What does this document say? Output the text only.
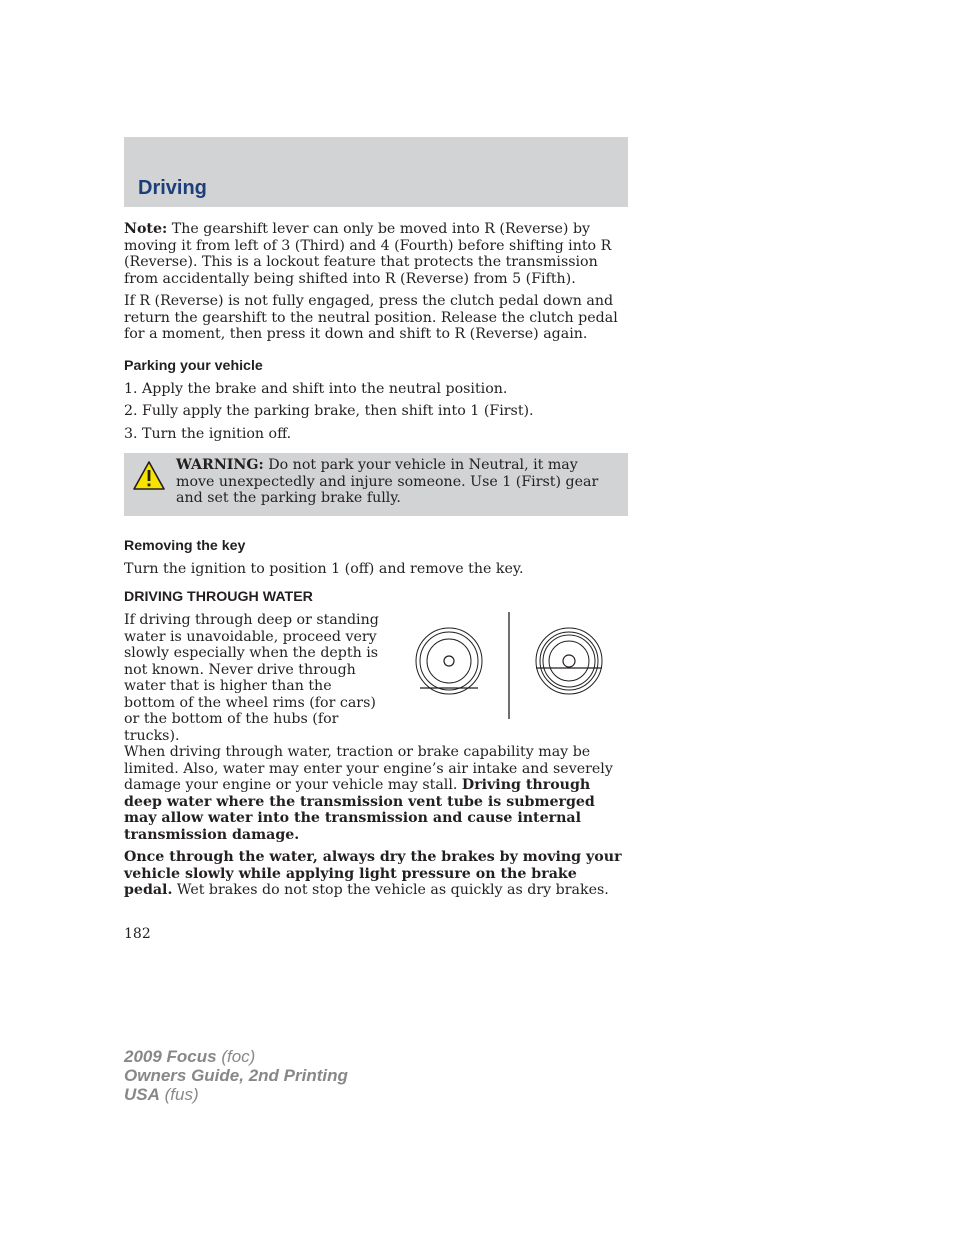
Driving

Note: The gearshift lever can only be moved into R (Reverse) by moving it from left of 3 (Third) and 4 (Fourth) before shifting into R (Reverse). This is a lockout feature that protects the transmission from accidentally being shifted into R (Reverse) from 5 (Fifth).

If R (Reverse) is not fully engaged, press the clutch pedal down and return the gearshift to the neutral position. Release the clutch pedal for a moment, then press it down and shift to R (Reverse) again.

Parking your vehicle
1. Apply the brake and shift into the neutral position.
2. Fully apply the parking brake, then shift into 1 (First).
3. Turn the ignition off.
WARNING: Do not park your vehicle in Neutral, it may move unexpectedly and injure someone. Use 1 (First) gear and set the parking brake fully.
Removing the key

Turn the ignition to position 1 (off) and remove the key.

DRIVING THROUGH WATER
If driving through deep or standing water is unavoidable, proceed very slowly especially when the depth is not known. Never drive through water that is higher than the bottom of the wheel rims (for cars) or the bottom of the hubs (for trucks).

When driving through water, traction or brake capability may be limited. Also, water may enter your engine’s air intake and severely damage your engine or your vehicle may stall. Driving through deep water where the transmission vent tube is submerged may allow water into the transmission and cause internal transmission damage.

Once through the water, always dry the brakes by moving your vehicle slowly while applying light pressure on the brake pedal. Wet brakes do not stop the vehicle as quickly as dry brakes.

182
2009 Focus (foc)
Owners Guide, 2nd Printing
USA (fus)
